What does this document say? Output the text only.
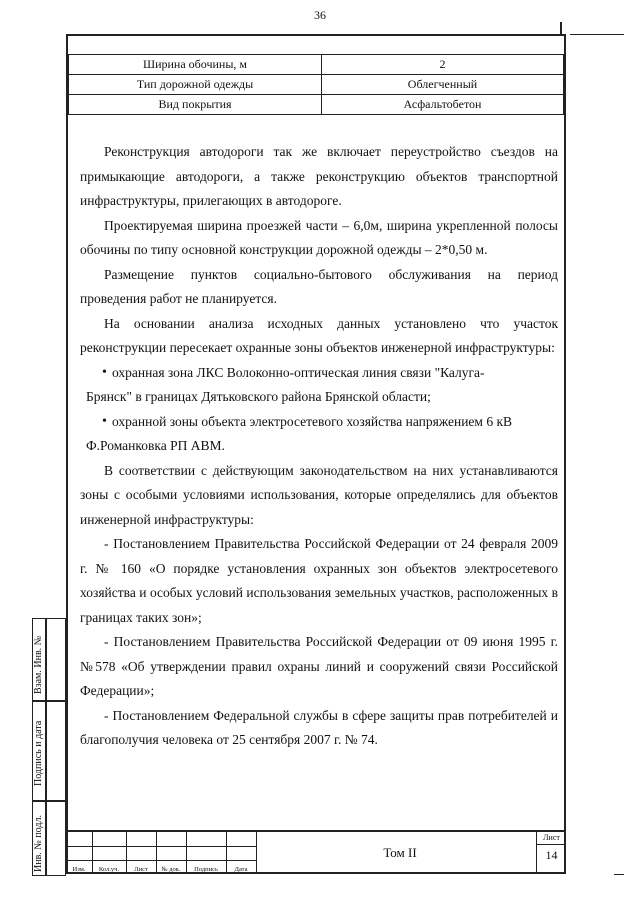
36
Ширина обочины, м	2
Тип дорожной одежды	Облегченный
Вид покрытия	Асфальтобетон

Реконструкция автодороги так же включает переустройство съездов на примыкающие автодороги, а также реконструкцию объектов транспортной инфраструктуры, прилегающих в автодороге.

Проектируемая ширина проезжей части – 6,0м, ширина укрепленной полосы обочины по типу основной конструкции дорожной одежды – 2*0,50 м.

Размещение пунктов социально-бытового обслуживания на период проведения работ не планируется.

На основании анализа исходных данных установлено что участок реконструкции пересекает охранные зоны объектов инженерной инфраструктуры:

• охранная зона ЛКС Волоконно-оптическая линия связи "Калуга-
Брянск" в границах Дятьковского района Брянской области;
• охранной зоны объекта электросетевого хозяйства напряжением 6 кВ
Ф.Романковка РП АВМ.

В соответствии с действующим законодательством на них устанавливаются зоны с особыми условиями использования, которые определялись для объектов инженерной инфраструктуры:

- Постановлением Правительства Российской Федерации от 24 февраля 2009 г. № 160 «О порядке установления охранных зон объектов электросетевого хозяйства и особых условий использования земельных участков, расположенных в границах таких зон»;

- Постановлением Правительства Российской Федерации от 09 июня 1995 г. №578 «Об утверждении правил охраны линий и сооружений связи Российской Федерации»;

- Постановлением Федеральной службы в сфере защиты прав потребителей и благополучия человека от 25 сентября 2007 г. № 74.

Взам. Инв. №
Подпись и дата
Инв. № подл.	Изм.	Кол.уч.	Лист	№ док.	Подпись	Дата
Том II
Лист
14
